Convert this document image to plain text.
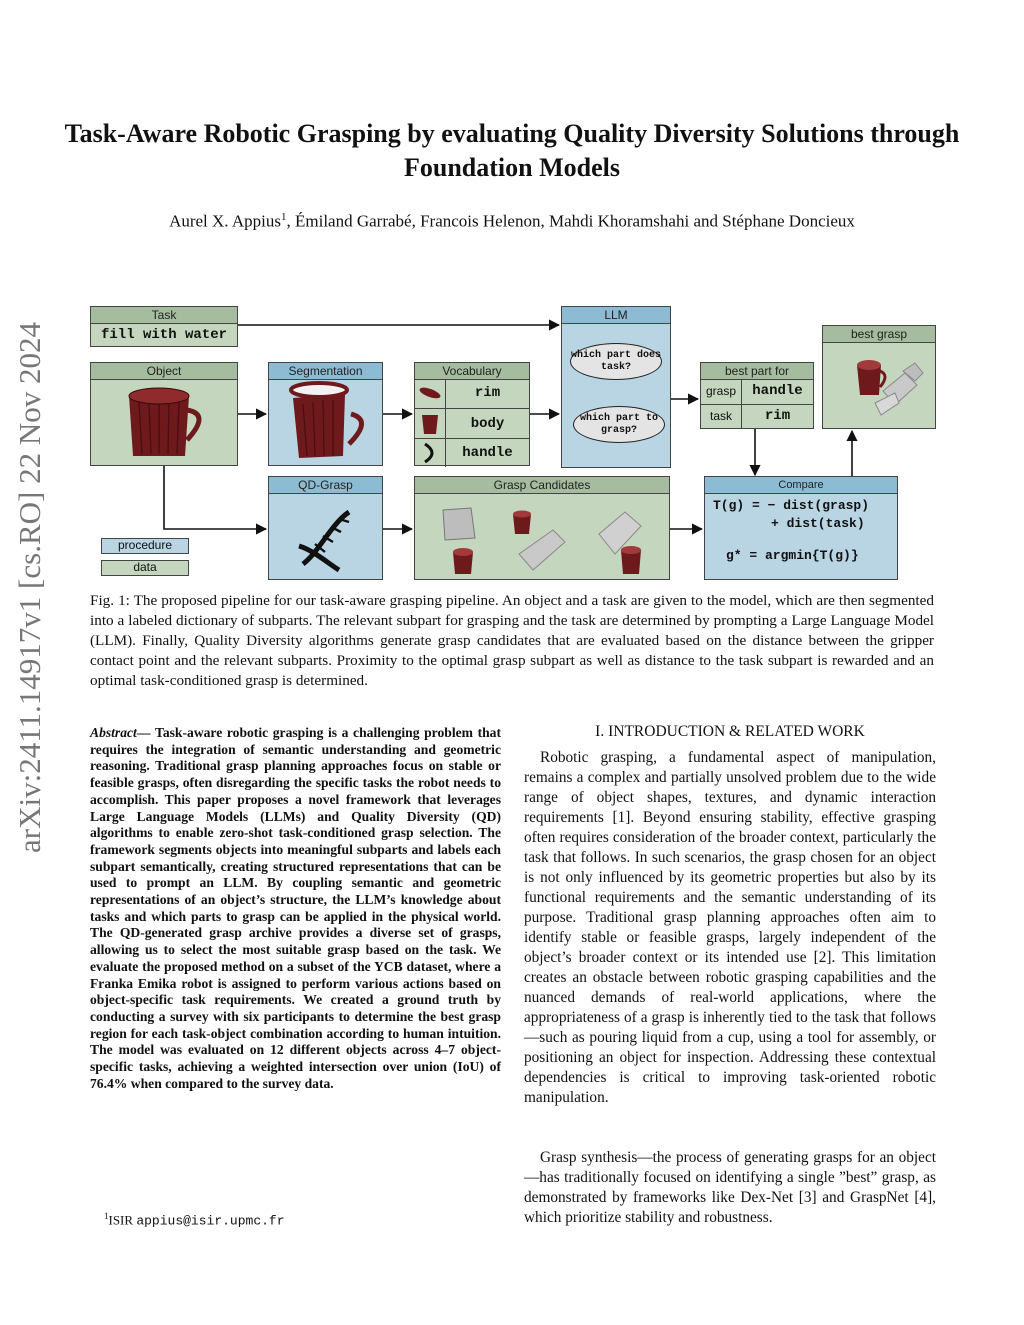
arXiv:2411.14917v1 [cs.RO] 22 Nov 2024
Task-Aware Robotic Grasping by evaluating Quality Diversity Solutions through Foundation Models
Aurel X. Appius$^1$, Émiland Garrabé, Francois Helenon, Mahdi Khoramshahi and Stéphane Doncieux
Task
fill with water
LLM
which part does task?
which part to grasp?
best grasp
Object	Segmentation	Vocabulary
rim
body
handle
best part for
grasp	handle
task	rim
QD-Grasp	Grasp Candidates	Compare
T(g) = − dist(grasp)
+ dist(task)
g* = argmin{T(g)}
procedure
data
Fig. 1: The proposed pipeline for our task-aware grasping pipeline. An object and a task are given to the model, which are then segmented into a labeled dictionary of subparts. The relevant subpart for grasping and the task are determined by prompting a Large Language Model (LLM). Finally, Quality Diversity algorithms generate grasp candidates that are evaluated based on the distance between the gripper contact point and the relevant subparts. Proximity to the optimal grasp subpart as well as distance to the task subpart is rewarded and an optimal task-conditioned grasp is determined.
Abstract— Task-aware robotic grasping is a challenging problem that requires the integration of semantic understanding and geometric reasoning. Traditional grasp planning approaches focus on stable or feasible grasps, often disregarding the specific tasks the robot needs to accomplish. This paper proposes a novel framework that leverages Large Language Models (LLMs) and Quality Diversity (QD) algorithms to enable zero-shot task-conditioned grasp selection. The framework segments objects into meaningful subparts and labels each subpart semantically, creating structured representations that can be used to prompt an LLM. By coupling semantic and geometric representations of an object’s structure, the LLM’s knowledge about tasks and which parts to grasp can be applied in the physical world. The QD-generated grasp archive provides a diverse set of grasps, allowing us to select the most suitable grasp based on the task. We evaluate the proposed method on a subset of the YCB dataset, where a Franka Emika robot is assigned to perform various actions based on object-specific task requirements. We created a ground truth by conducting a survey with six participants to determine the best grasp region for each task-object combination according to human intuition. The model was evaluated on 12 different objects across 4–7 object-specific tasks, achieving a weighted intersection over union (IoU) of 76.4% when compared to the survey data.
I. INTRODUCTION & RELATED WORK
Robotic grasping, a fundamental aspect of manipulation, remains a complex and partially unsolved problem due to the wide range of object shapes, textures, and dynamic interaction requirements [1]. Beyond ensuring stability, effective grasping often requires consideration of the broader context, particularly the task that follows. In such scenarios, the grasp chosen for an object is not only influenced by its geometric properties but also by its functional requirements and the semantic understanding of its purpose. Traditional grasp planning approaches often aim to identify stable or feasible grasps, largely independent of the object’s broader context or its intended use [2]. This limitation creates an obstacle between robotic grasping capabilities and the nuanced demands of real-world applications, where the appropriateness of a grasp is inherently tied to the task that follows—such as pouring liquid from a cup, using a tool for assembly, or positioning an object for inspection. Addressing these contextual dependencies is critical to improving task-oriented robotic manipulation.
Grasp synthesis—the process of generating grasps for an object—has traditionally focused on identifying a single ”best” grasp, as demonstrated by frameworks like Dex-Net [3] and GraspNet [4], which prioritize stability and robustness.
$^1$ISIR appius@isir.upmc.fr
